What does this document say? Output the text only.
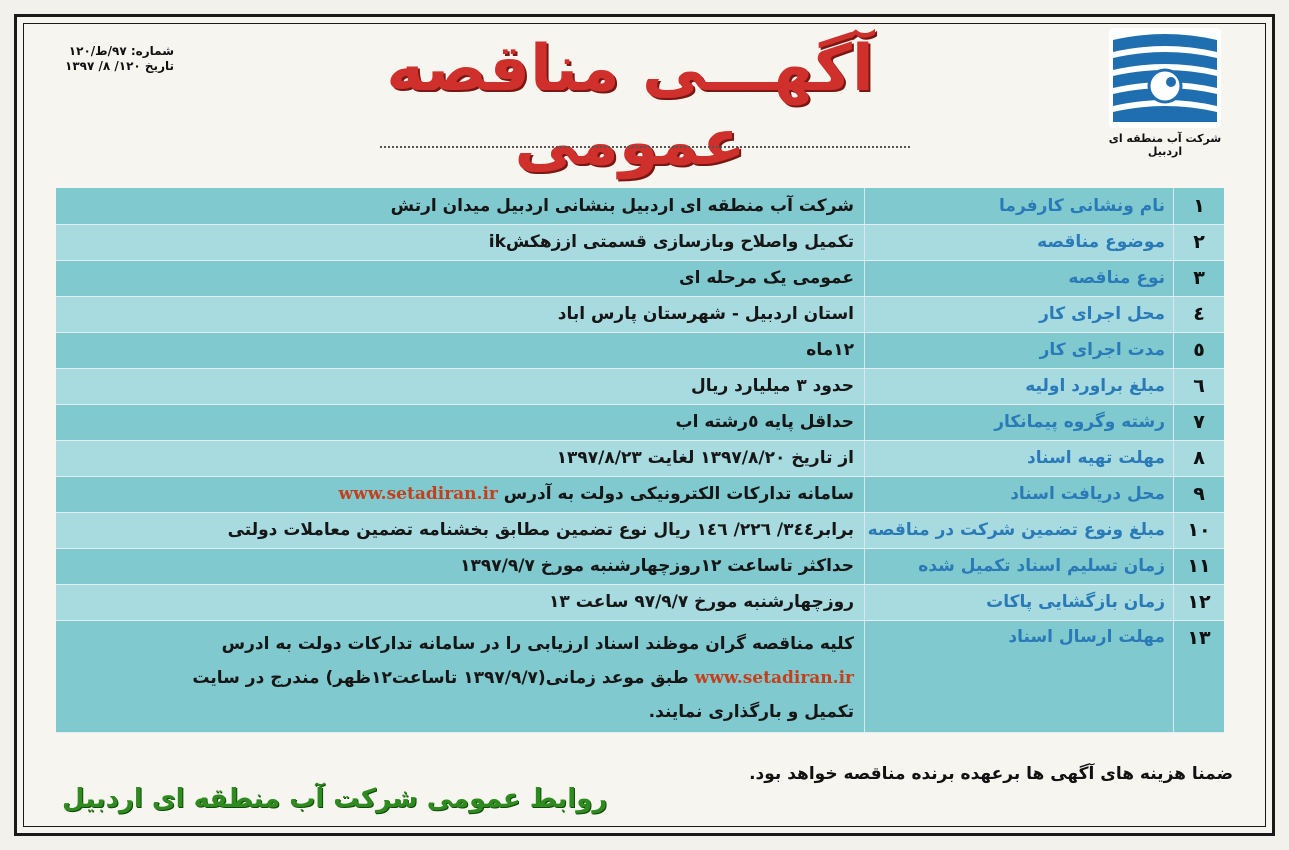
شرکت آب منطقه ای اردبیل
آگهـــی مناقصه عمومی
شماره: ۹۷/ط/۱۲۰
تاریخ ۱۲۰/ ۸/ ۱۳۹۷
۱	نام ونشانی کارفرما	شرکت آب منطقه ای اردبیل بنشانی اردبیل میدان ارتش
۲	موضوع مناقصه	تکمیل واصلاح وبازسازی قسمتی اززهکشik
۳	نوع مناقصه	عمومی یک مرحله ای
٤	محل اجرای کار	استان اردبیل - شهرستان پارس اباد
٥	مدت اجرای کار	۱۲ماه
٦	مبلغ براورد اولیه	حدود ۳ میلیارد ریال
۷	رشته وگروه پیمانکار	حداقل پایه ٥رشته اب
۸	مهلت تهیه اسناد	از تاریخ ۱۳۹۷/۸/۲۰ لغایت ۱۳۹۷/۸/۲۳
۹	محل دریافت اسناد	سامانه تدارکات الکترونیکی دولت به آدرس www.setadiran.ir
۱۰	مبلغ ونوع تضمین شرکت در مناقصه	برابر۳٤٤/ ۲۲٦/ ۱٤٦ ریال نوع تضمین مطابق بخشنامه تضمین معاملات دولتی
۱۱	زمان تسلیم اسناد تکمیل شده	حداکثر تاساعت ۱۲روزچهارشنبه مورخ ۱۳۹۷/۹/۷
۱۲	زمان بازگشایی پاکات	روزچهارشنبه مورخ ۹۷/۹/۷ ساعت ۱۳
۱۳	مهلت ارسال اسناد	کلیه مناقصه گران موظند اسناد ارزیابی را در سامانه تدارکات دولت به ادرس
www.setadiran.ir طبق موعد زمانی(۱۳۹۷/۹/۷ تاساعت۱۲ظهر) مندرج در سایت
تکمیل و بارگذاری نمایند.
ضمنا هزینه های آگهی ها برعهده برنده مناقصه خواهد بود.
روابط عمومی شرکت آب منطقه ای اردبیل
